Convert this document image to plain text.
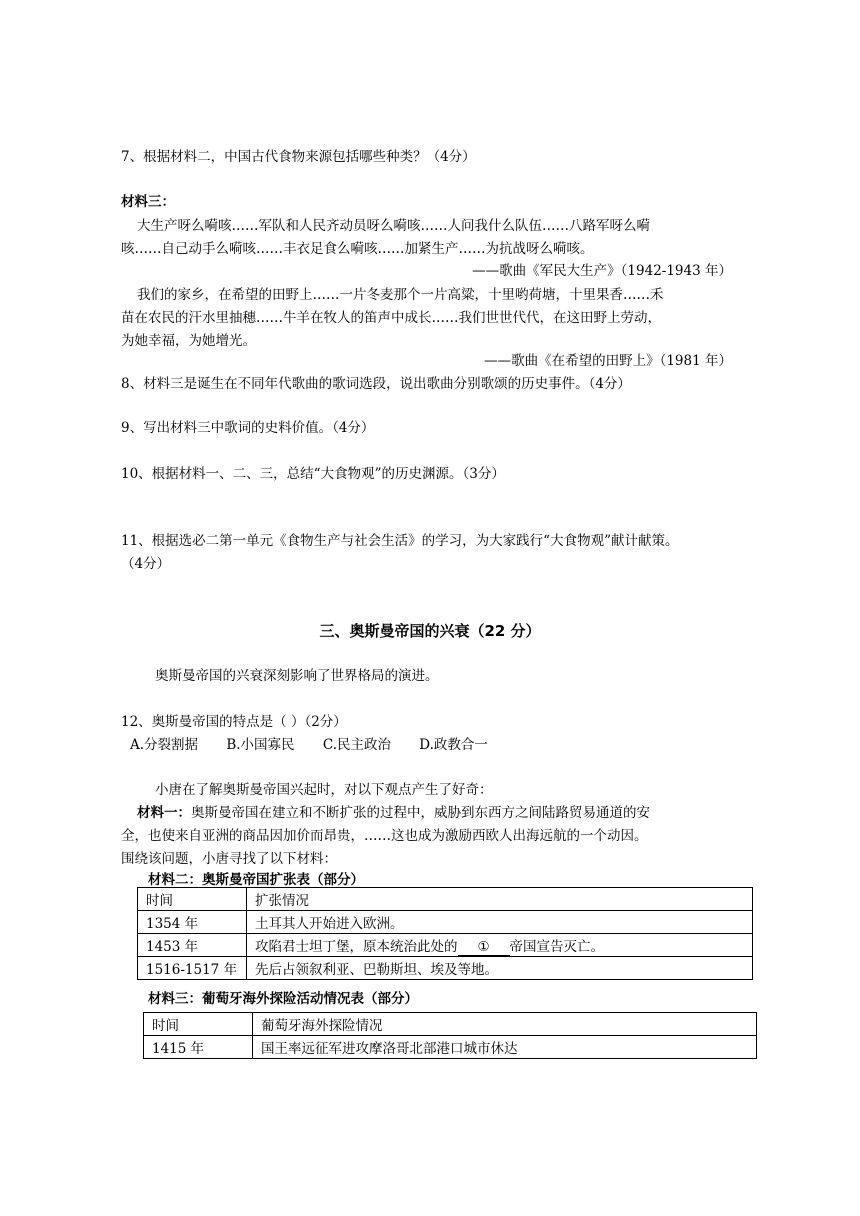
7、根据材料二，中国古代食物来源包括哪些种类？（4分）
材料三：
大生产呀么嗬咳……军队和人民齐动员呀么嗬咳……人问我什么队伍……八路军呀么嗬
咳……自己动手么嗬咳……丰衣足食么嗬咳……加紧生产……为抗战呀么嗬咳。
——歌曲《军民大生产》（1942-1943 年）
我们的家乡，在希望的田野上……一片冬麦那个一片高粱，十里哟荷塘，十里果香……禾
苗在农民的汗水里抽穗……牛羊在牧人的笛声中成长……我们世世代代，在这田野上劳动，
为她幸福，为她增光。
——歌曲《在希望的田野上》（1981 年）
8、材料三是诞生在不同年代歌曲的歌词选段，说出歌曲分别歌颂的历史事件。（4分）
9、写出材料三中歌词的史料价值。（4分）
10、根据材料一、二、三，总结“大食物观”的历史渊源。（3分）
11、根据选必二第一单元《食物生产与社会生活》的学习，为大家践行“大食物观”献计献策。
（4分）
三、奥斯曼帝国的兴衰（22 分）
奥斯曼帝国的兴衰深刻影响了世界格局的演进。
12、奥斯曼帝国的特点是（ ）（2分）
A.分裂割据 B.小国寡民 C.民主政治 D.政教合一
小唐在了解奥斯曼帝国兴起时，对以下观点产生了好奇：
材料一：奥斯曼帝国在建立和不断扩张的过程中，威胁到东西方之间陆路贸易通道的安
全，也使来自亚洲的商品因加价而昂贵，……这也成为激励西欧人出海远航的一个动因。
围绕该问题，小唐寻找了以下材料：
材料二：奥斯曼帝国扩张表（部分）
时间	扩张情况
1354 年	土耳其人开始进入欧洲。
1453 年	攻陷君士坦丁堡，原本统治此处的 ① 帝国宣告灭亡。
1516-1517 年	先后占领叙利亚、巴勒斯坦、埃及等地。
材料三：葡萄牙海外探险活动情况表（部分）
时间	葡萄牙海外探险情况
1415 年	国王率远征军进攻摩洛哥北部港口城市休达
